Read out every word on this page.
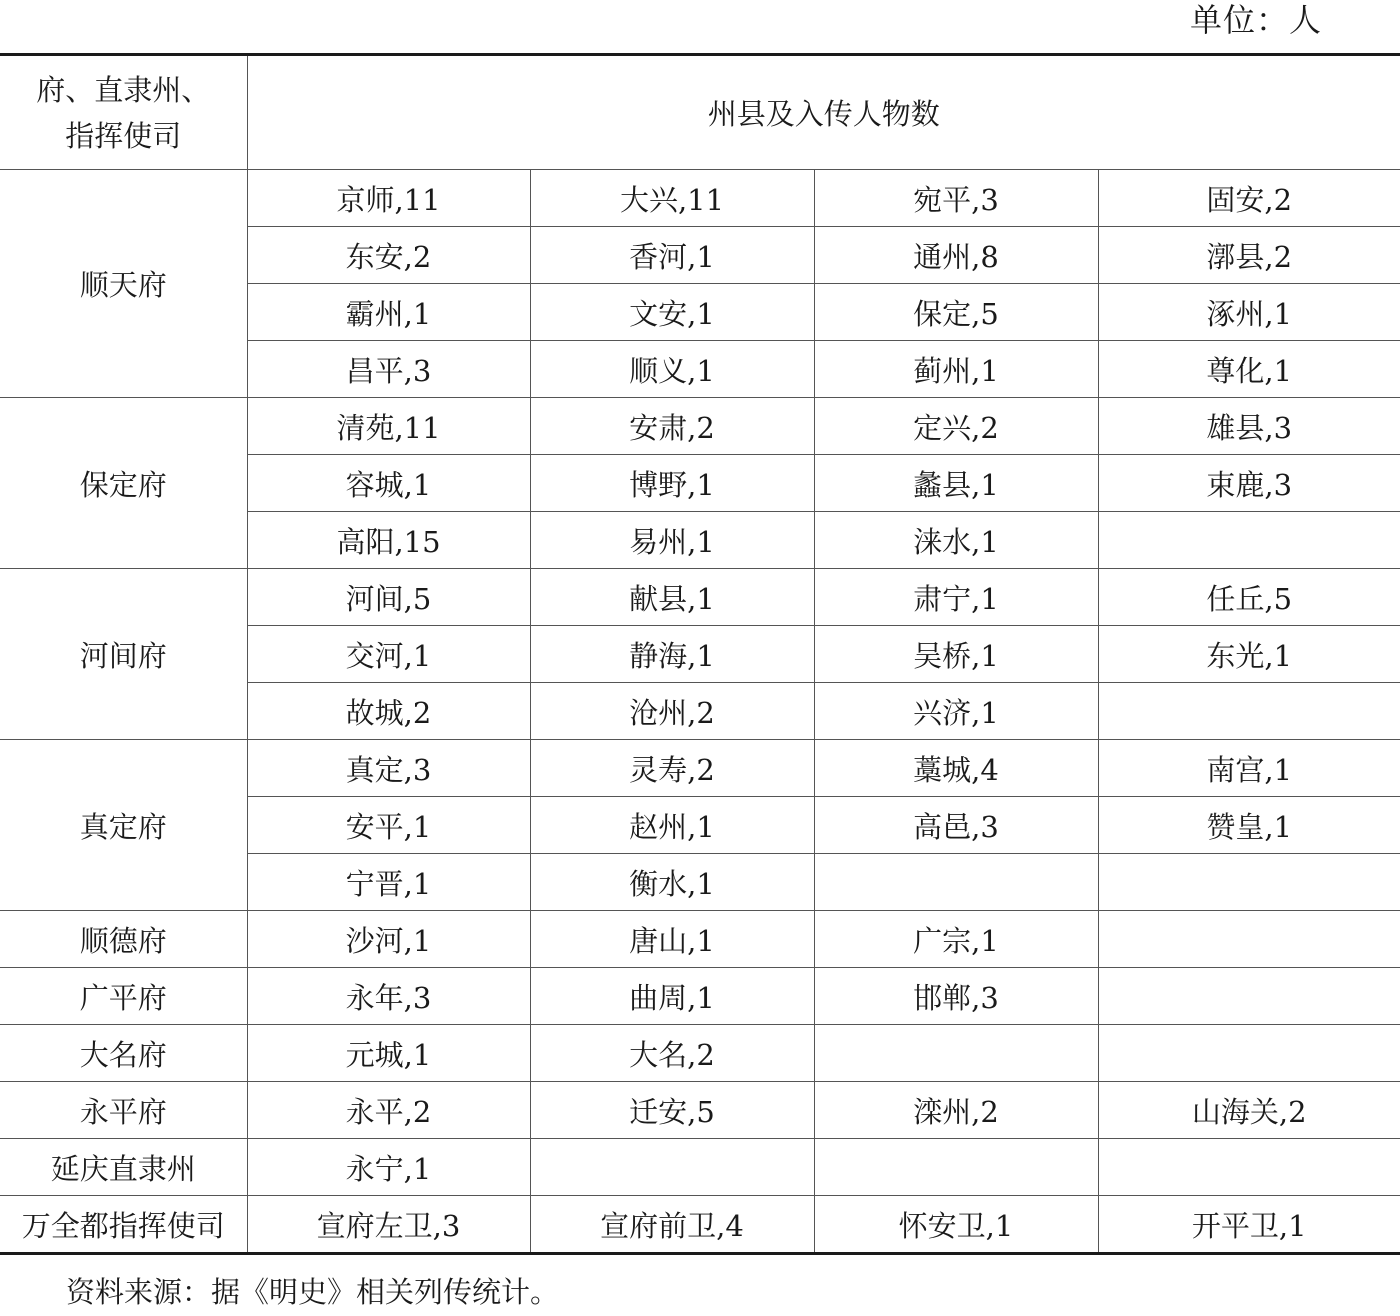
单位：人
府、直隶州、
指挥使司	州县及入传人物数			
顺天府	京师,11	大兴,11	宛平,3	固安,2
	东安,2	香河,1	通州,8	漷县,2
	霸州,1	文安,1	保定,5	涿州,1
	昌平,3	顺义,1	蓟州,1	尊化,1
保定府	清苑,11	安肃,2	定兴,2	雄县,3
	容城,1	博野,1	蠡县,1	束鹿,3
	高阳,15	易州,1	涞水,1	
河间府	河间,5	献县,1	肃宁,1	任丘,5
	交河,1	静海,1	吴桥,1	东光,1
	故城,2	沧州,2	兴济,1	
真定府	真定,3	灵寿,2	藁城,4	南宫,1
	安平,1	赵州,1	高邑,3	赞皇,1
	宁晋,1	衡水,1		
顺德府	沙河,1	唐山,1	广宗,1	
广平府	永年,3	曲周,1	邯郸,3	
大名府	元城,1	大名,2		
永平府	永平,2	迁安,5	滦州,2	山海关,2
延庆直隶州	永宁,1			
万全都指挥使司	宣府左卫,3	宣府前卫,4	怀安卫,1	开平卫,1
资料来源：据《明史》相关列传统计。
